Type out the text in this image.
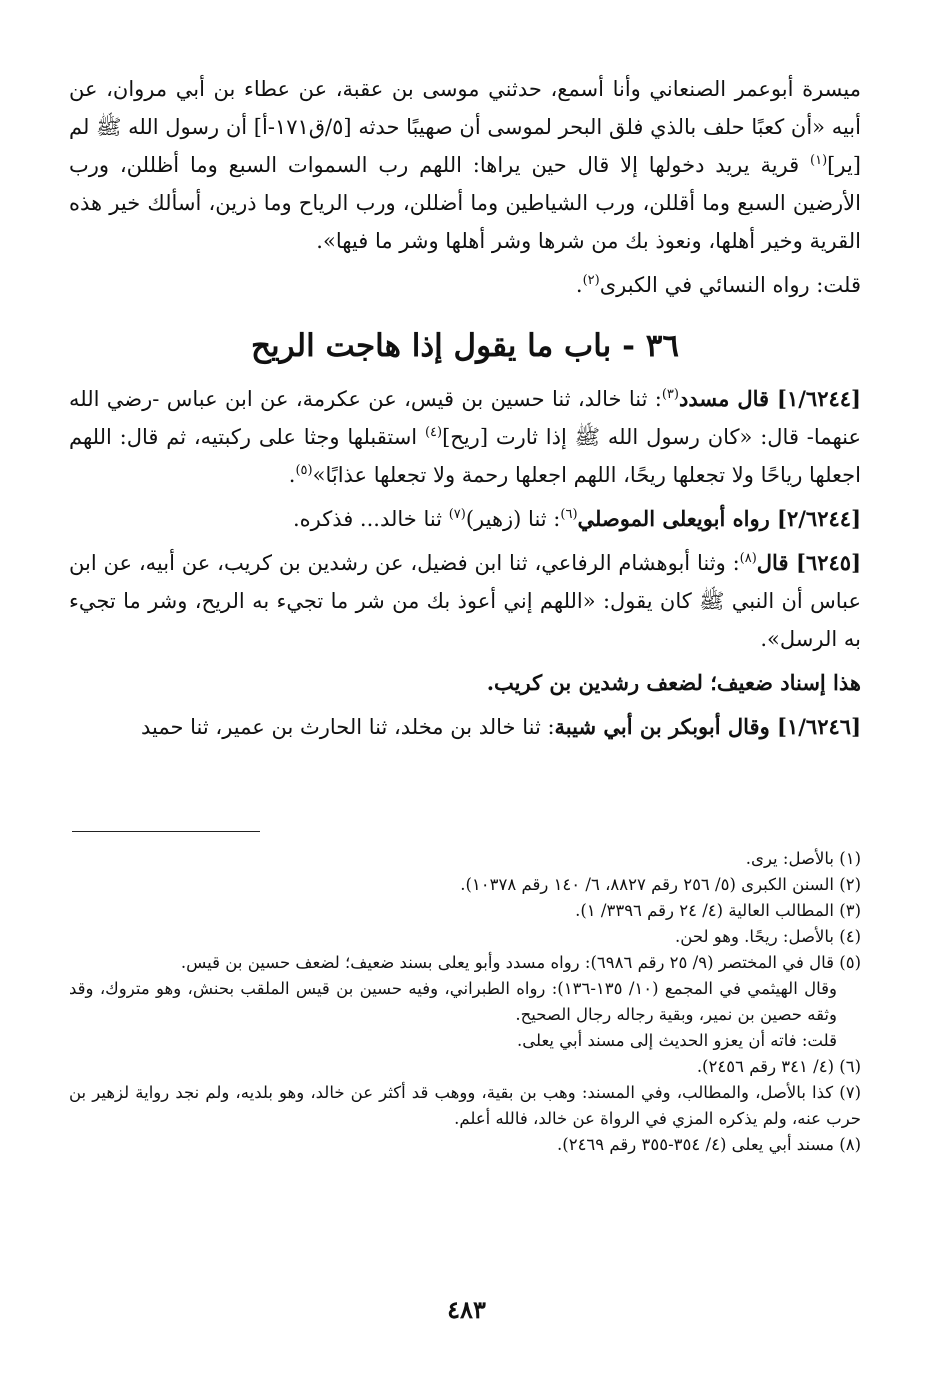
ميسرة أبوعمر الصنعاني وأنا أسمع، حدثني موسى بن عقبة، عن عطاء بن أبي مروان، عن أبيه «أن كعبًا حلف بالذي فلق البحر لموسى أن صهيبًا حدثه [٥/ق١٧١-أ] أن رسول الله ﷺ لم [ير]$^{(١)}$ قرية يريد دخولها إلا قال حين يراها: اللهم رب السموات السبع وما أظللن، ورب الأرضين السبع وما أقللن، ورب الشياطين وما أضللن، ورب الرياح وما ذرين، أسألك خير هذه القرية وخير أهلها، ونعوذ بك من شرها وشر أهلها وشر ما فيها».

قلت: رواه النسائي في الكبرى$^{(٢)}$.

٣٦ - باب ما يقول إذا هاجت الريح

[١/٦٢٤٤] قال مسدد$^{(٣)}$: ثنا خالد، ثنا حسين بن قيس، عن عكرمة، عن ابن عباس -رضي الله عنهما- قال: «كان رسول الله ﷺ إذا ثارت [ريح]$^{(٤)}$ استقبلها وجثا على ركبتيه، ثم قال: اللهم اجعلها رياحًا ولا تجعلها ريحًا، اللهم اجعلها رحمة ولا تجعلها عذابًا»$^{(٥)}$.

[٢/٦٢٤٤] رواه أبويعلى الموصلي$^{(٦)}$: ثنا (زهير)$^{(٧)}$ ثنا خالد... فذكره.

[٦٢٤٥] قال$^{(٨)}$: وثنا أبوهشام الرفاعي، ثنا ابن فضيل، عن رشدين بن كريب، عن أبيه، عن ابن عباس أن النبي ﷺ كان يقول: «اللهم إني أعوذ بك من شر ما تجيء به الريح، وشر ما تجيء به الرسل».

هذا إسناد ضعيف؛ لضعف رشدين بن كريب.

[١/٦٢٤٦] وقال أبوبكر بن أبي شيبة: ثنا خالد بن مخلد، ثنا الحارث بن عمير، ثنا حميد

(١) بالأصل: يرى.

(٢) السنن الكبرى (٥/ ٢٥٦ رقم ٨٨٢٧، ٦/ ١٤٠ رقم ١٠٣٧٨).

(٣) المطالب العالية (٤/ ٢٤ رقم ٣٣٩٦/ ١).

(٤) بالأصل: ريحًا. وهو لحن.

(٥) قال في المختصر (٩/ ٢٥ رقم ٦٩٨٦): رواه مسدد وأبو يعلى بسند ضعيف؛ لضعف حسين بن قيس.

وقال الهيثمي في المجمع (١٠/ ١٣٥-١٣٦): رواه الطبراني، وفيه حسين بن قيس الملقب بحنش، وهو متروك، وقد وثقه حصين بن نمير، وبقية رجاله رجال الصحيح.

قلت: فاته أن يعزو الحديث إلى مسند أبي يعلى.

(٦) (٤/ ٣٤١ رقم ٢٤٥٦).

(٧) كذا بالأصل، والمطالب، وفي المسند: وهب بن بقية، ووهب قد أكثر عن خالد، وهو بلديه، ولم نجد رواية لزهير بن حرب عنه، ولم يذكره المزي في الرواة عن خالد، فالله أعلم.

(٨) مسند أبي يعلى (٤/ ٣٥٤-٣٥٥ رقم ٢٤٦٩).

٤٨٣
